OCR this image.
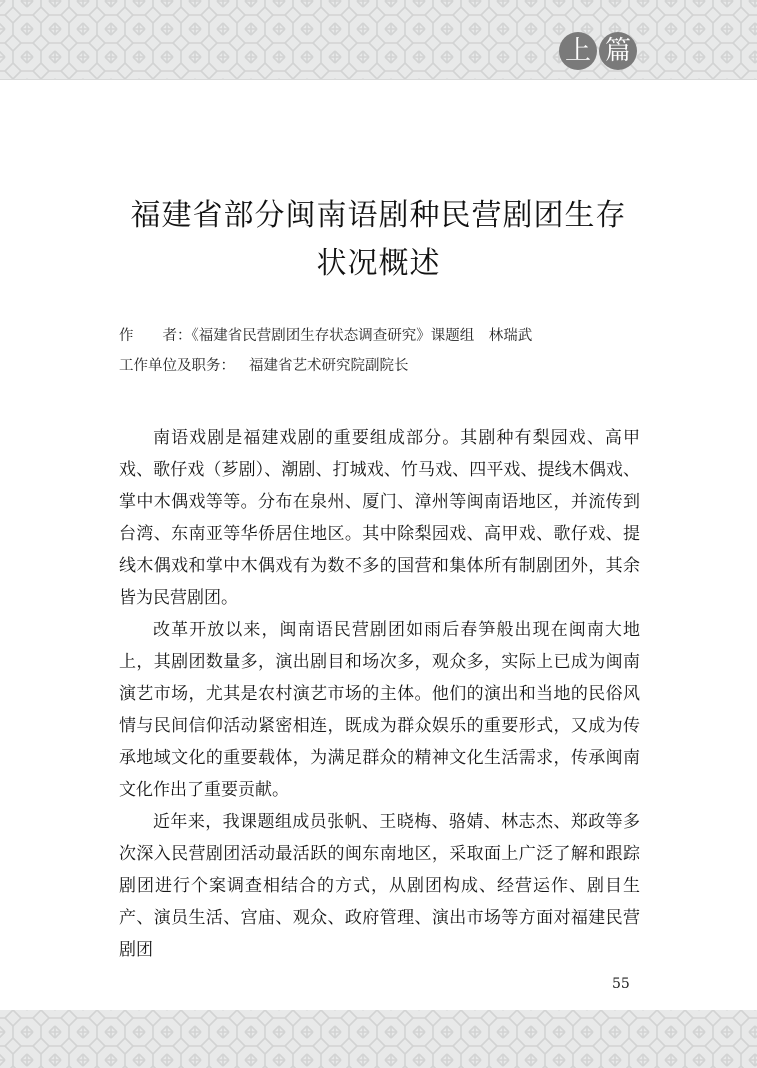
上 篇
福建省部分闽南语剧种民营剧团生存
状况概述
作　　者：《福建省民营剧团生存状态调查研究》课题组　林瑞武
工作单位及职务： 福建省艺术研究院副院长

南语戏剧是福建戏剧的重要组成部分。其剧种有梨园戏、高甲戏、歌仔戏（芗剧）、潮剧、打城戏、竹马戏、四平戏、提线木偶戏、掌中木偶戏等等。分布在泉州、厦门、漳州等闽南语地区，并流传到台湾、东南亚等华侨居住地区。其中除梨园戏、高甲戏、歌仔戏、提线木偶戏和掌中木偶戏有为数不多的国营和集体所有制剧团外，其余皆为民营剧团。

改革开放以来，闽南语民营剧团如雨后春笋般出现在闽南大地上，其剧团数量多，演出剧目和场次多，观众多，实际上已成为闽南演艺市场，尤其是农村演艺市场的主体。他们的演出和当地的民俗风情与民间信仰活动紧密相连，既成为群众娱乐的重要形式，又成为传承地域文化的重要载体，为满足群众的精神文化生活需求，传承闽南文化作出了重要贡献。

近年来，我课题组成员张帆、王晓梅、骆婧、林志杰、郑政等多次深入民营剧团活动最活跃的闽东南地区，采取面上广泛了解和跟踪剧团进行个案调查相结合的方式，从剧团构成、经营运作、剧目生产、演员生活、宫庙、观众、政府管理、演出市场等方面对福建民营剧团

55
